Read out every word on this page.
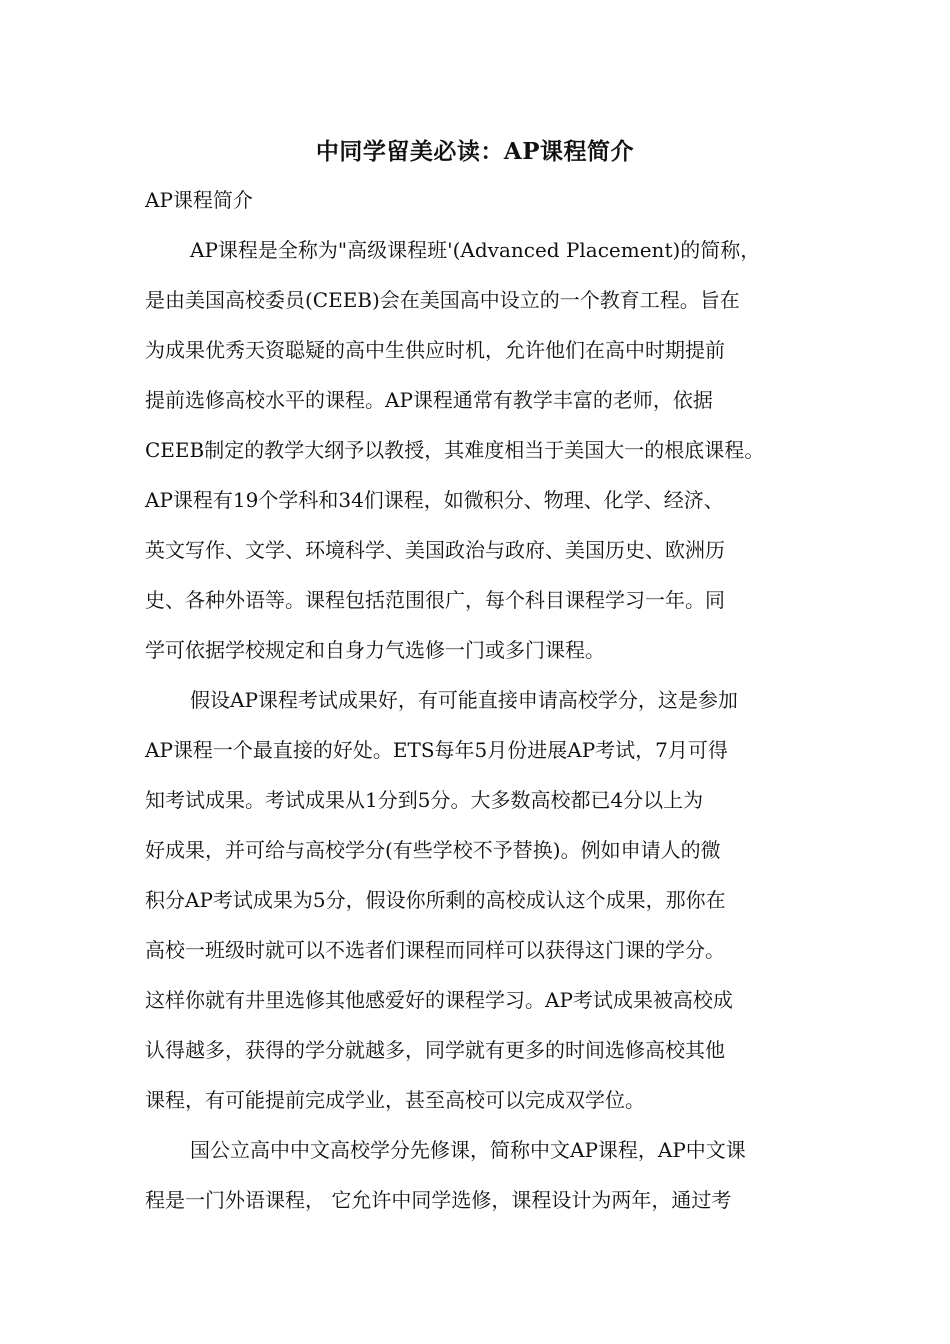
中同学留美必读：AP课程简介

AP课程简介

AP课程是全称为"高级课程班'(Advanced Placement)的简称，

是由美国高校委员(CEEB)会在美国高中设立的一个教育工程。旨在

为成果优秀天资聪疑的高中生供应时机，允许他们在高中时期提前

提前选修高校水平的课程。AP课程通常有教学丰富的老师，依据

CEEB制定的教学大纲予以教授，其难度相当于美国大一的根底课程。

AP课程有19个学科和34们课程，如微积分、物理、化学、经济、

英文写作、文学、环境科学、美国政治与政府、美国历史、欧洲历

史、各种外语等。课程包括范围很广，每个科目课程学习一年。同

学可依据学校规定和自身力气选修一门或多门课程。

假设AP课程考试成果好，有可能直接申请高校学分，这是参加

AP课程一个最直接的好处。ETS每年5月份进展AP考试，7月可得

知考试成果。考试成果从1分到5分。大多数高校都已4分以上为

好成果，并可给与高校学分(有些学校不予替换)。例如申请人的微

积分AP考试成果为5分，假设你所剩的高校成认这个成果，那你在

高校一班级时就可以不选者们课程而同样可以获得这门课的学分。

这样你就有井里选修其他感爱好的课程学习。AP考试成果被高校成

认得越多，获得的学分就越多，同学就有更多的时间选修高校其他

课程，有可能提前完成学业，甚至高校可以完成双学位。

国公立高中中文高校学分先修课，简称中文AP课程，AP中文课

程是一门外语课程， 它允许中同学选修，课程设计为两年，通过考
